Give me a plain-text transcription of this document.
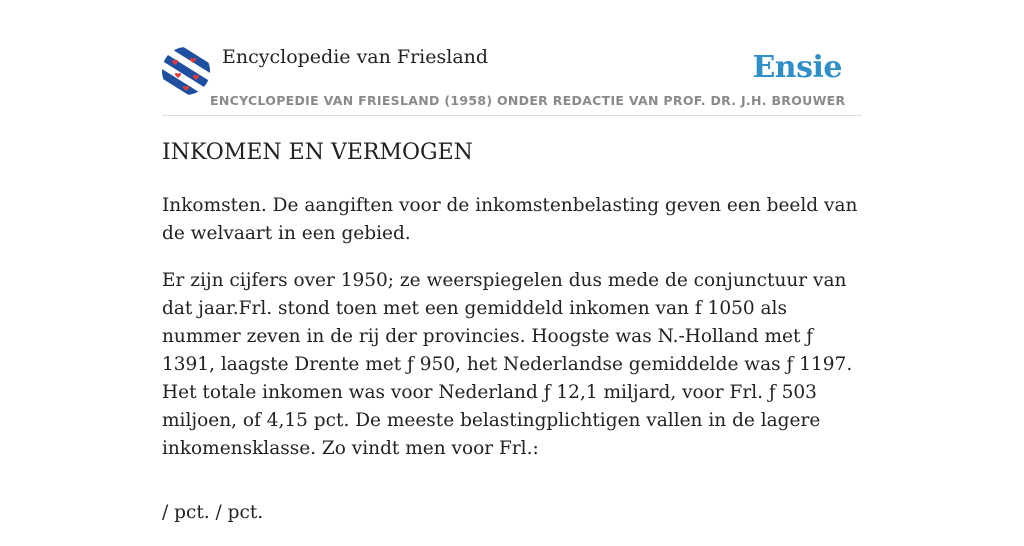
Encyclopedie van Friesland	Ensie
ENCYCLOPEDIE VAN FRIESLAND (1958) ONDER REDACTIE VAN PROF. DR. J.H. BROUWER
INKOMEN EN VERMOGEN

Inkomsten. De aangiften voor de inkomstenbelasting geven een beeld van de welvaart in een gebied.

Er zijn cijfers over 1950; ze weerspiegelen dus mede de conjunctuur van dat jaar.Frl. stond toen met een gemiddeld inkomen van f 1050 als nummer zeven in de rij der provincies. Hoogste was N.-Holland met ƒ 1391, laagste Drente met ƒ 950, het Nederlandse gemiddelde was ƒ 1197. Het totale inkomen was voor Nederland ƒ 12,1 miljard, voor Frl. ƒ 503 miljoen, of 4,15 pct. De meeste belastingplichtigen vallen in de lagere inkomensklasse. Zo vindt men voor Frl.:

/ pct. / pct.
